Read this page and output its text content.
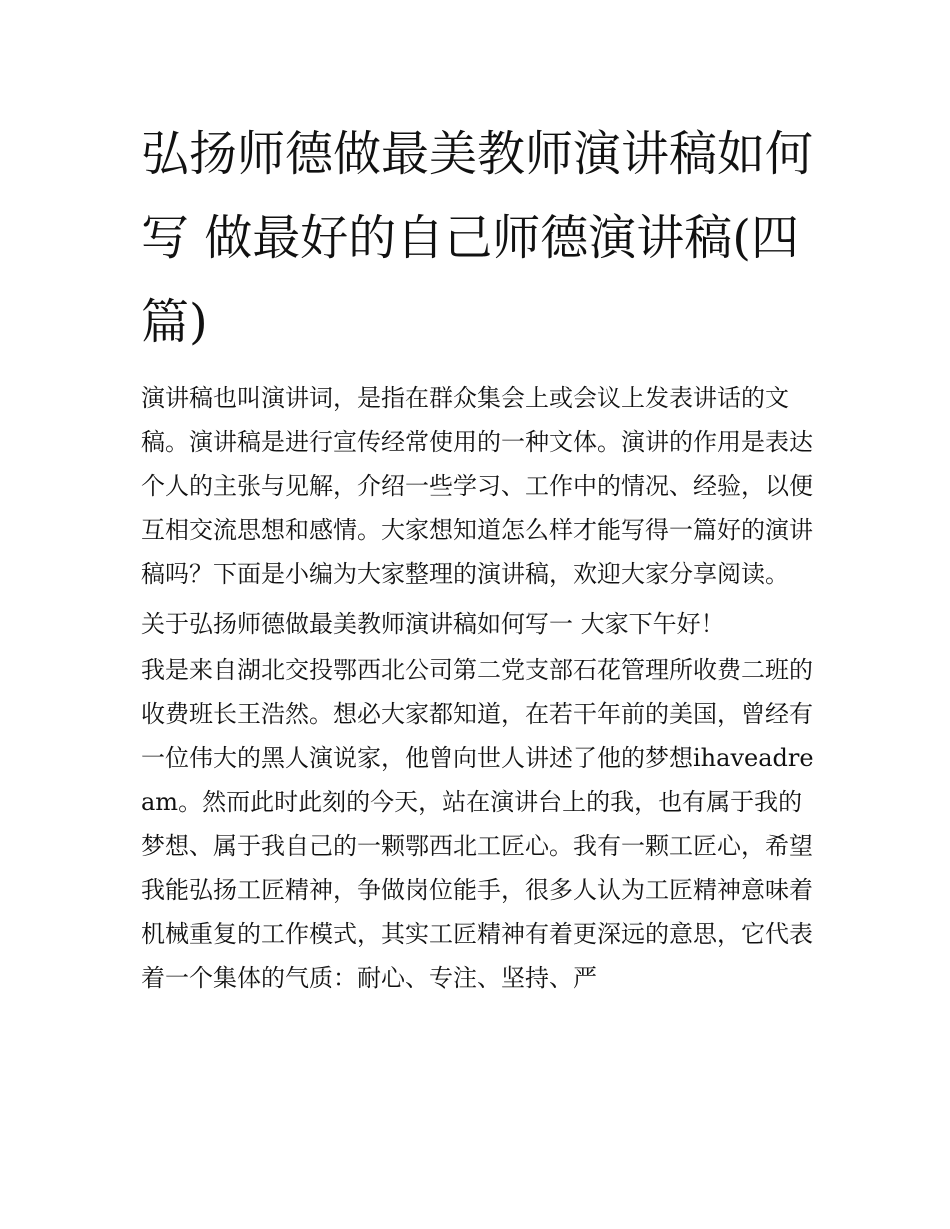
弘扬师德做最美教师演讲稿如何写 做最好的自己师德演讲稿(四篇)

演讲稿也叫演讲词，是指在群众集会上或会议上发表讲话的文稿。演讲稿是进行宣传经常使用的一种文体。演讲的作用是表达个人的主张与见解，介绍一些学习、工作中的情况、经验，以便互相交流思想和感情。大家想知道怎么样才能写得一篇好的演讲稿吗？下面是小编为大家整理的演讲稿，欢迎大家分享阅读。

关于弘扬师德做最美教师演讲稿如何写一 大家下午好！

我是来自湖北交投鄂西北公司第二党支部石花管理所收费二班的收费班长王浩然。想必大家都知道，在若干年前的美国，曾经有一位伟大的黑人演说家，他曾向世人讲述了他的梦想ihaveadream。然而此时此刻的今天，站在演讲台上的我，也有属于我的梦想、属于我自己的一颗鄂西北工匠心。我有一颗工匠心，希望我能弘扬工匠精神，争做岗位能手，很多人认为工匠精神意味着机械重复的工作模式，其实工匠精神有着更深远的意思，它代表着一个集体的气质：耐心、专注、坚持、严
